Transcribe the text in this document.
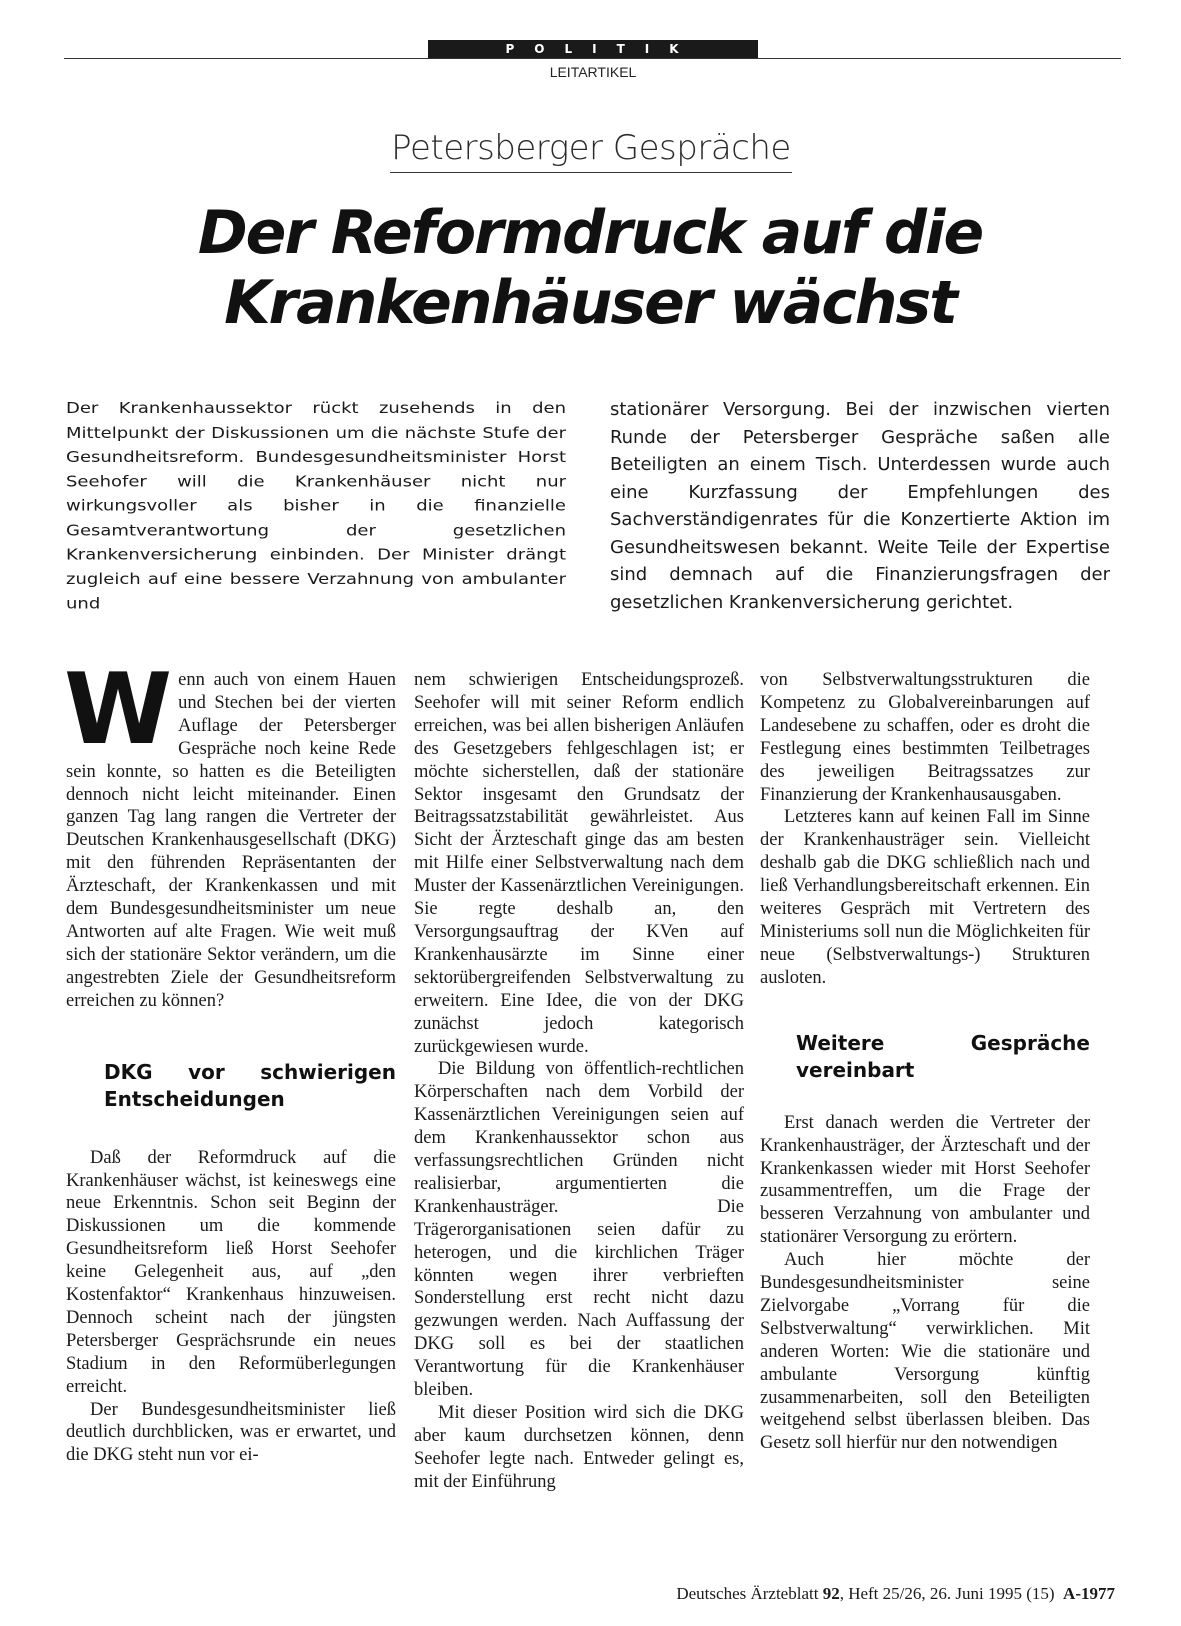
POLITIK
LEITARTIKEL
Petersberger Gespräche
Der Reformdruck auf die
Krankenhäuser wächst
Der Krankenhaussektor rückt zusehends in den Mittelpunkt der Diskussionen um die nächste Stufe der Gesundheitsreform. Bundesgesundheitsminister Horst Seehofer will die Krankenhäuser nicht nur wirkungsvoller als bisher in die finanzielle Gesamtverantwortung der gesetzlichen Krankenversicherung einbinden. Der Minister drängt zugleich auf eine bessere Verzahnung von ambulanter und
stationärer Versorgung. Bei der inzwischen vierten Runde der Petersberger Gespräche saßen alle Beteiligten an einem Tisch. Unterdessen wurde auch eine Kurzfassung der Empfehlungen des Sachverständigenrates für die Konzertierte Aktion im Gesundheitswesen bekannt. Weite Teile der Expertise sind demnach auf die Finanzierungsfragen der gesetzlichen Krankenversicherung gerichtet.

Wenn auch von einem Hauen und Stechen bei der vierten Auflage der Petersberger Gespräche noch keine Rede sein konnte, so hatten es die Beteiligten dennoch nicht leicht miteinander. Einen ganzen Tag lang rangen die Vertreter der Deutschen Krankenhausgesellschaft (DKG) mit den führenden Repräsentanten der Ärzteschaft, der Krankenkassen und mit dem Bundesgesundheitsminister um neue Antworten auf alte Fragen. Wie weit muß sich der stationäre Sektor verändern, um die angestrebten Ziele der Gesundheitsreform erreichen zu können?

DKG vor schwierigen Entscheidungen

Daß der Reformdruck auf die Krankenhäuser wächst, ist keineswegs eine neue Erkenntnis. Schon seit Beginn der Diskussionen um die kommende Gesundheitsreform ließ Horst Seehofer keine Gelegenheit aus, auf „den Kostenfaktor“ Krankenhaus hinzuweisen. Dennoch scheint nach der jüngsten Petersberger Gesprächsrunde ein neues Stadium in den Reformüberlegungen erreicht.

Der Bundesgesundheitsminister ließ deutlich durchblicken, was er erwartet, und die DKG steht nun vor ei-

nem schwierigen Entscheidungsprozeß. Seehofer will mit seiner Reform endlich erreichen, was bei allen bisherigen Anläufen des Gesetzgebers fehlgeschlagen ist; er möchte sicherstellen, daß der stationäre Sektor insgesamt den Grundsatz der Beitragssatzstabilität gewährleistet. Aus Sicht der Ärzteschaft ginge das am besten mit Hilfe einer Selbstverwaltung nach dem Muster der Kassenärztlichen Vereinigungen. Sie regte deshalb an, den Versorgungsauftrag der KVen auf Krankenhausärzte im Sinne einer sektorübergreifenden Selbstverwaltung zu erweitern. Eine Idee, die von der DKG zunächst jedoch kategorisch zurückgewiesen wurde.

Die Bildung von öffentlich-rechtlichen Körperschaften nach dem Vorbild der Kassenärztlichen Vereinigungen seien auf dem Krankenhaussektor schon aus verfassungsrechtlichen Gründen nicht realisierbar, argumentierten die Krankenhausträger. Die Trägerorganisationen seien dafür zu heterogen, und die kirchlichen Träger könnten wegen ihrer verbrieften Sonderstellung erst recht nicht dazu gezwungen werden. Nach Auffassung der DKG soll es bei der staatlichen Verantwortung für die Krankenhäuser bleiben.

Mit dieser Position wird sich die DKG aber kaum durchsetzen können, denn Seehofer legte nach. Entweder gelingt es, mit der Einführung

von Selbstverwaltungsstrukturen die Kompetenz zu Globalvereinbarungen auf Landesebene zu schaffen, oder es droht die Festlegung eines bestimmten Teilbetrages des jeweiligen Beitragssatzes zur Finanzierung der Krankenhausausgaben.

Letzteres kann auf keinen Fall im Sinne der Krankenhausträger sein. Vielleicht deshalb gab die DKG schließlich nach und ließ Verhandlungsbereitschaft erkennen. Ein weiteres Gespräch mit Vertretern des Ministeriums soll nun die Möglichkeiten für neue (Selbstverwaltungs-) Strukturen ausloten.

Weitere Gespräche vereinbart

Erst danach werden die Vertreter der Krankenhausträger, der Ärzteschaft und der Krankenkassen wieder mit Horst Seehofer zusammentreffen, um die Frage der besseren Verzahnung von ambulanter und stationärer Versorgung zu erörtern.

Auch hier möchte der Bundesgesundheitsminister seine Zielvorgabe „Vorrang für die Selbstverwaltung“ verwirklichen. Mit anderen Worten: Wie die stationäre und ambulante Versorgung künftig zusammenarbeiten, soll den Beteiligten weitgehend selbst überlassen bleiben. Das Gesetz soll hierfür nur den notwendigen

Deutsches Ärzteblatt 92, Heft 25/26, 26. Juni 1995 (15) A-1977
